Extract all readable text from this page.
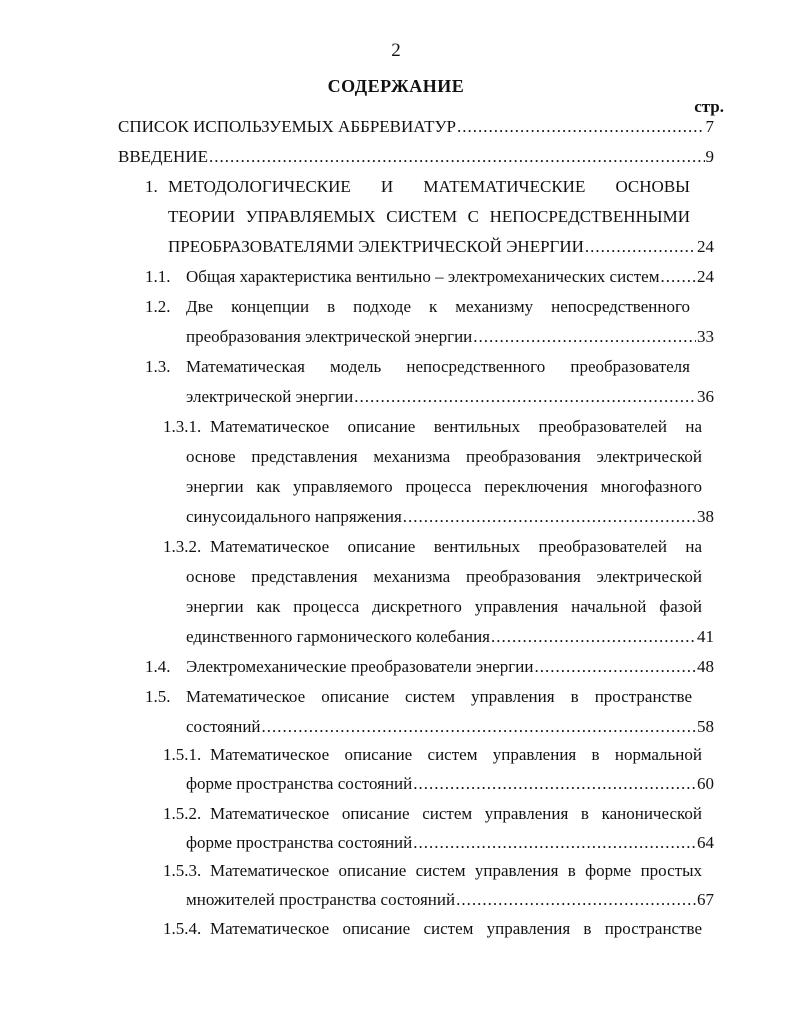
2
СОДЕРЖАНИЕ
стр.
СПИСОК ИСПОЛЬЗУЕМЫХ АББРЕВИАТУР .....	7
ВВЕДЕНИЕ .....	9
1. МЕТОДОЛОГИЧЕСКИЕ И МАТЕМАТИЧЕСКИЕ ОСНОВЫ
ТЕОРИИ УПРАВЛЯЕМЫХ СИСТЕМ С НЕПОСРЕДСТВЕННЫМИ
ПРЕОБРАЗОВАТЕЛЯМИ ЭЛЕКТРИЧЕСКОЙ ЭНЕРГИИ .....	24
1.1. Общая характеристика вентильно – электромеханических систем ..... 24
1.2. Две концепции в подходе к механизму непосредственного
преобразования электрической энергии .....	33
1.3. Математическая модель непосредственного преобразователя
электрической энергии .....	36
1.3.1. Математическое описание вентильных преобразователей на
основе представления механизма преобразования электрической
энергии как управляемого процесса переключения многофазного
синусоидального напряжения .....	38
1.3.2. Математическое описание вентильных преобразователей на
основе представления механизма преобразования электрической
энергии как процесса дискретного управления начальной фазой
единственного гармонического колебания .....	41
1.4. Электромеханические преобразователи энергии .....	48
1.5. Математическое описание систем управления в пространстве
состояний .....	58
1.5.1. Математическое описание систем управления в нормальной
форме пространства состояний .....	60
1.5.2. Математическое описание систем управления в канонической
форме пространства состояний .....	64
1.5.3. Математическое описание систем управления в форме простых
множителей пространства состояний .....	67
1.5.4. Математическое описание систем управления в пространстве
